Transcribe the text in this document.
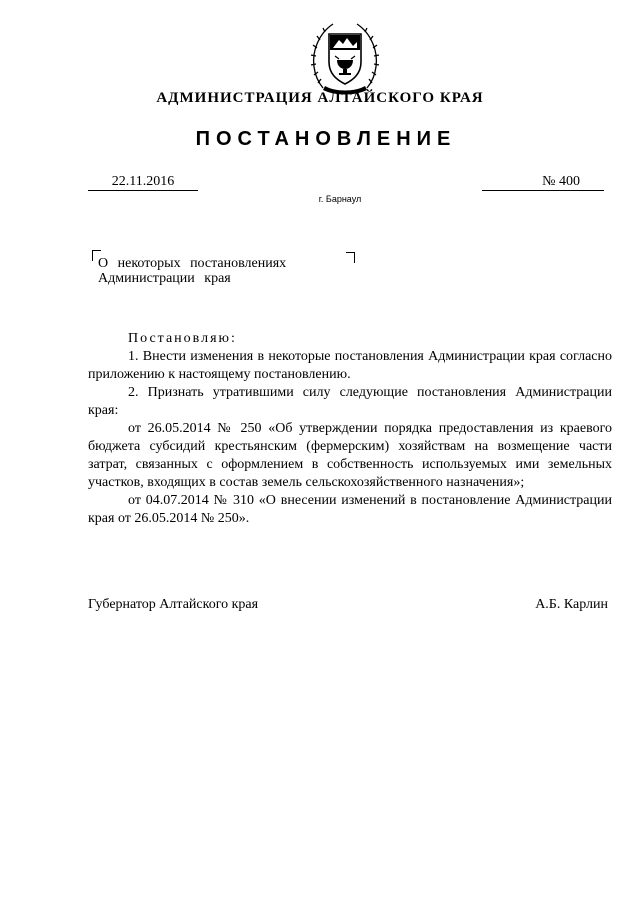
АДМИНИСТРАЦИЯ АЛТАЙСКОГО КРАЯ
ПОСТАНОВЛЕНИЕ
22.11.2016	№ 400
г. Барнаул
О некоторых постановлениях
Администрации края

Постановляю:

1. Внести изменения в некоторые постановления Администрации края согласно приложению к настоящему постановлению.

2. Признать утратившими силу следующие постановления Администрации края:

от 26.05.2014 № 250 «Об утверждении порядка предоставления из краевого бюджета субсидий крестьянским (фермерским) хозяйствам на возмещение части затрат, связанных с оформлением в собственность используемых ими земельных участков, входящих в состав земель сельскохозяйственного назначения»;

от 04.07.2014 № 310 «О внесении изменений в постановление Администрации края от 26.05.2014 № 250».

Губернатор Алтайского края	А.Б. Карлин
